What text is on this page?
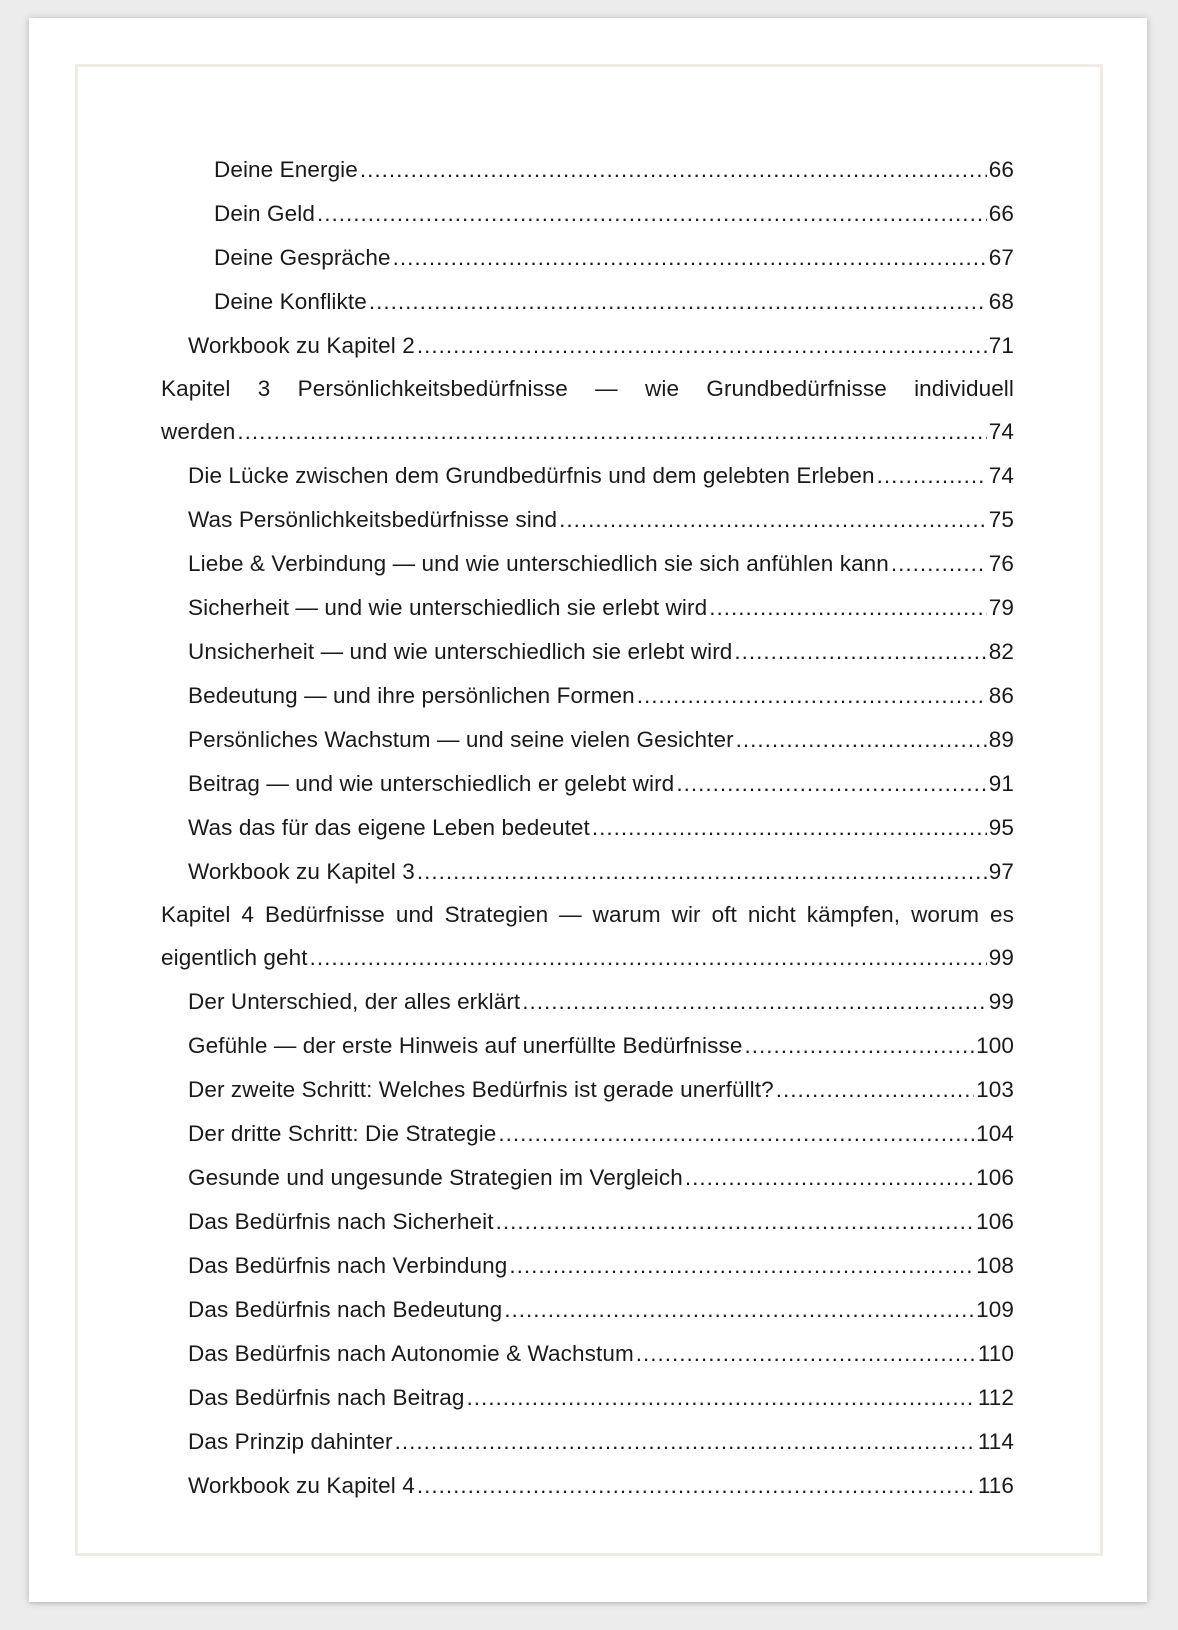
Deine Energie .....	66
Dein Geld .....	66
Deine Gespräche .....	67
Deine Konflikte .....	68
Workbook zu Kapitel 2 .....	71
Kapitel 3 Persönlichkeitsbedürfnisse — wie Grundbedürfnisse individuell
werden .....	74
Die Lücke zwischen dem Grundbedürfnis und dem gelebten Erleben .....	74
Was Persönlichkeitsbedürfnisse sind .....	75
Liebe & Verbindung — und wie unterschiedlich sie sich anfühlen kann .....	76
Sicherheit — und wie unterschiedlich sie erlebt wird .....	79
Unsicherheit — und wie unterschiedlich sie erlebt wird .....	82
Bedeutung — und ihre persönlichen Formen .....	86
Persönliches Wachstum — und seine vielen Gesichter .....	89
Beitrag — und wie unterschiedlich er gelebt wird .....	91
Was das für das eigene Leben bedeutet .....	95
Workbook zu Kapitel 3 .....	97
Kapitel 4 Bedürfnisse und Strategien — warum wir oft nicht kämpfen, worum es
eigentlich geht .....	99
Der Unterschied, der alles erklärt .....	99
Gefühle — der erste Hinweis auf unerfüllte Bedürfnisse .....	100
Der zweite Schritt: Welches Bedürfnis ist gerade unerfüllt? .....	103
Der dritte Schritt: Die Strategie .....	104
Gesunde und ungesunde Strategien im Vergleich .....	106
Das Bedürfnis nach Sicherheit .....	106
Das Bedürfnis nach Verbindung .....	108
Das Bedürfnis nach Bedeutung .....	109
Das Bedürfnis nach Autonomie & Wachstum .....	110
Das Bedürfnis nach Beitrag .....	112
Das Prinzip dahinter .....	114
Workbook zu Kapitel 4 .....	116
